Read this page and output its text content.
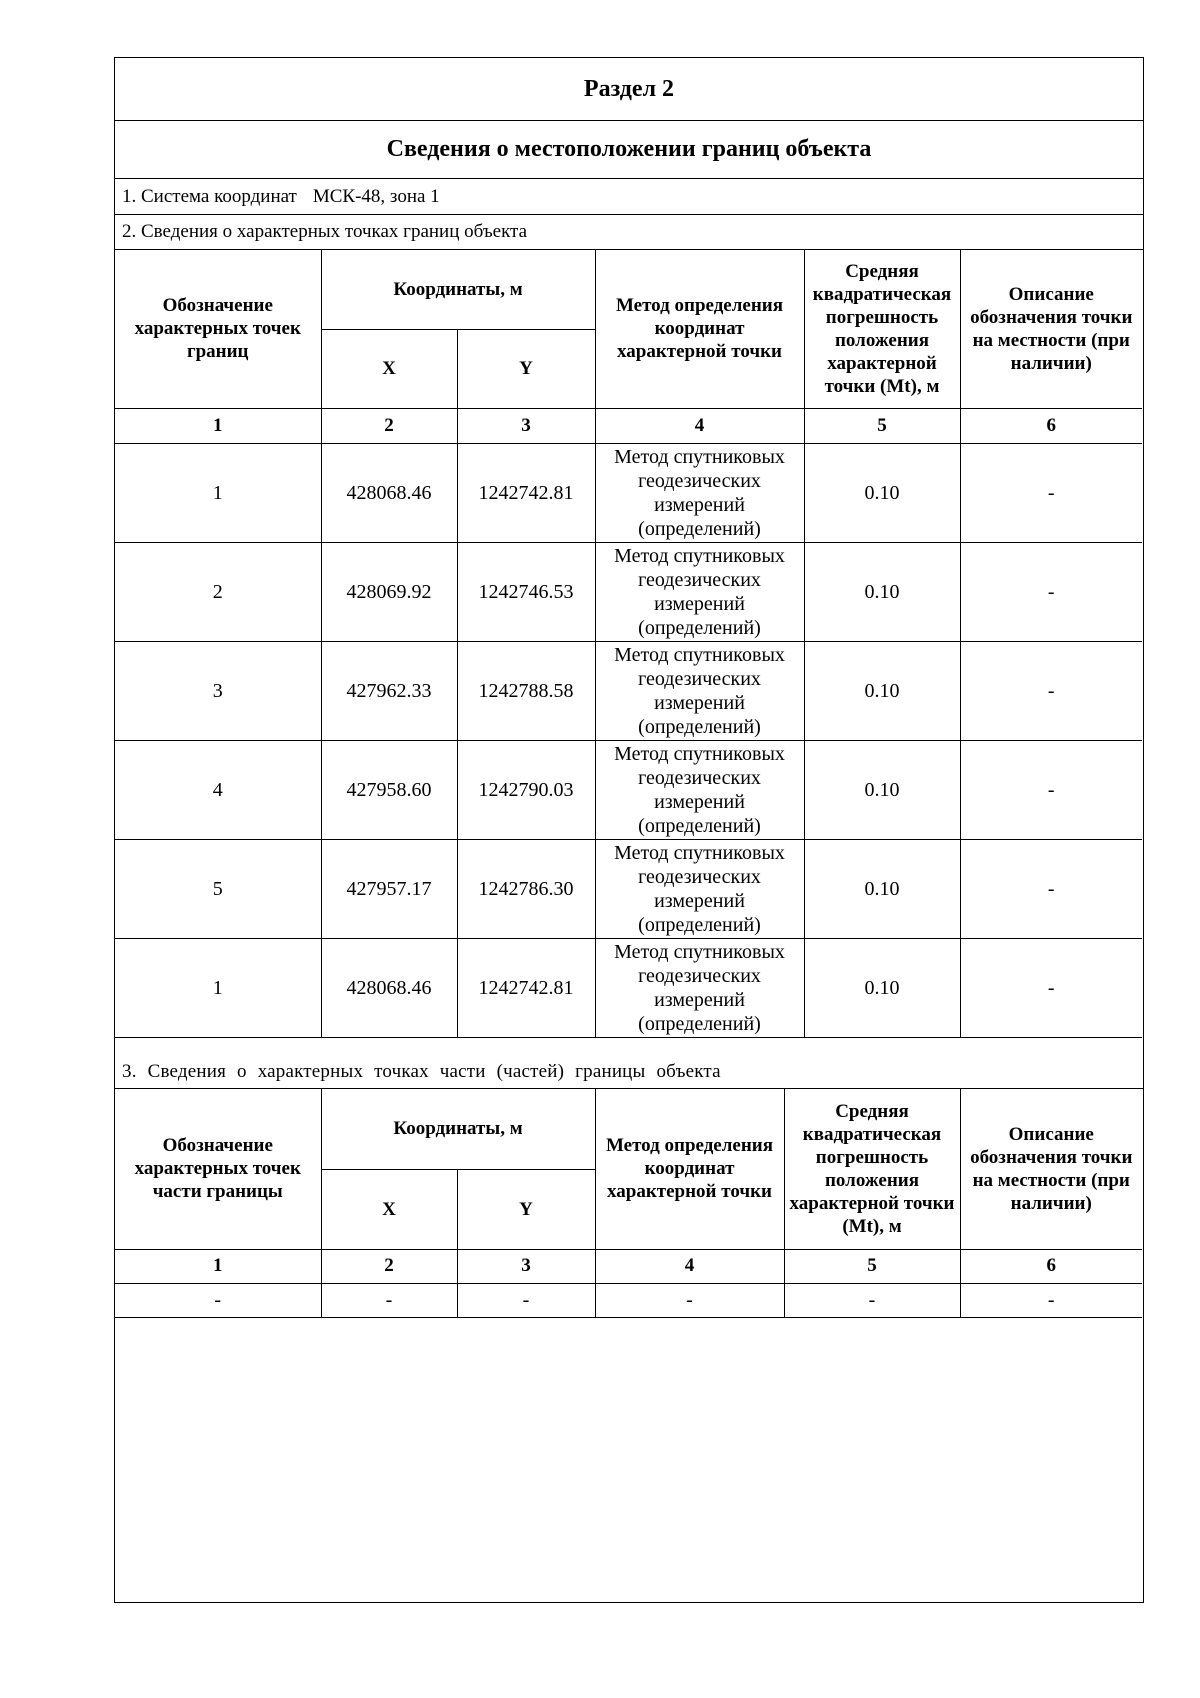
Раздел 2
Сведения о местоположении границ объекта
1. Система координат МСК-48, зона 1
2. Сведения о характерных точках границ объекта
Обозначение характерных точек границ	Координаты, м		Метод определения координат характерной точки	Средняя квадратическая погрешность положения характерной точки (Mt), м	Описание обозначения точки на местности (при наличии)
	X	Y			
1	2	3	4	5	6
1	428068.46	1242742.81	Метод спутниковых геодезических измерений (определений)	0.10	-
2	428069.92	1242746.53	Метод спутниковых геодезических измерений (определений)	0.10	-
3	427962.33	1242788.58	Метод спутниковых геодезических измерений (определений)	0.10	-
4	427958.60	1242790.03	Метод спутниковых геодезических измерений (определений)	0.10	-
5	427957.17	1242786.30	Метод спутниковых геодезических измерений (определений)	0.10	-
1	428068.46	1242742.81	Метод спутниковых геодезических измерений (определений)	0.10	-
3. Сведения о характерных точках части (частей) границы объекта
Обозначение характерных точек части границы	Координаты, м		Метод определения координат характерной точки	Средняя квадратическая погрешность положения характерной точки (Mt), м	Описание обозначения точки на местности (при наличии)
	X	Y			
1	2	3	4	5	6
-	-	-	-	-	-
